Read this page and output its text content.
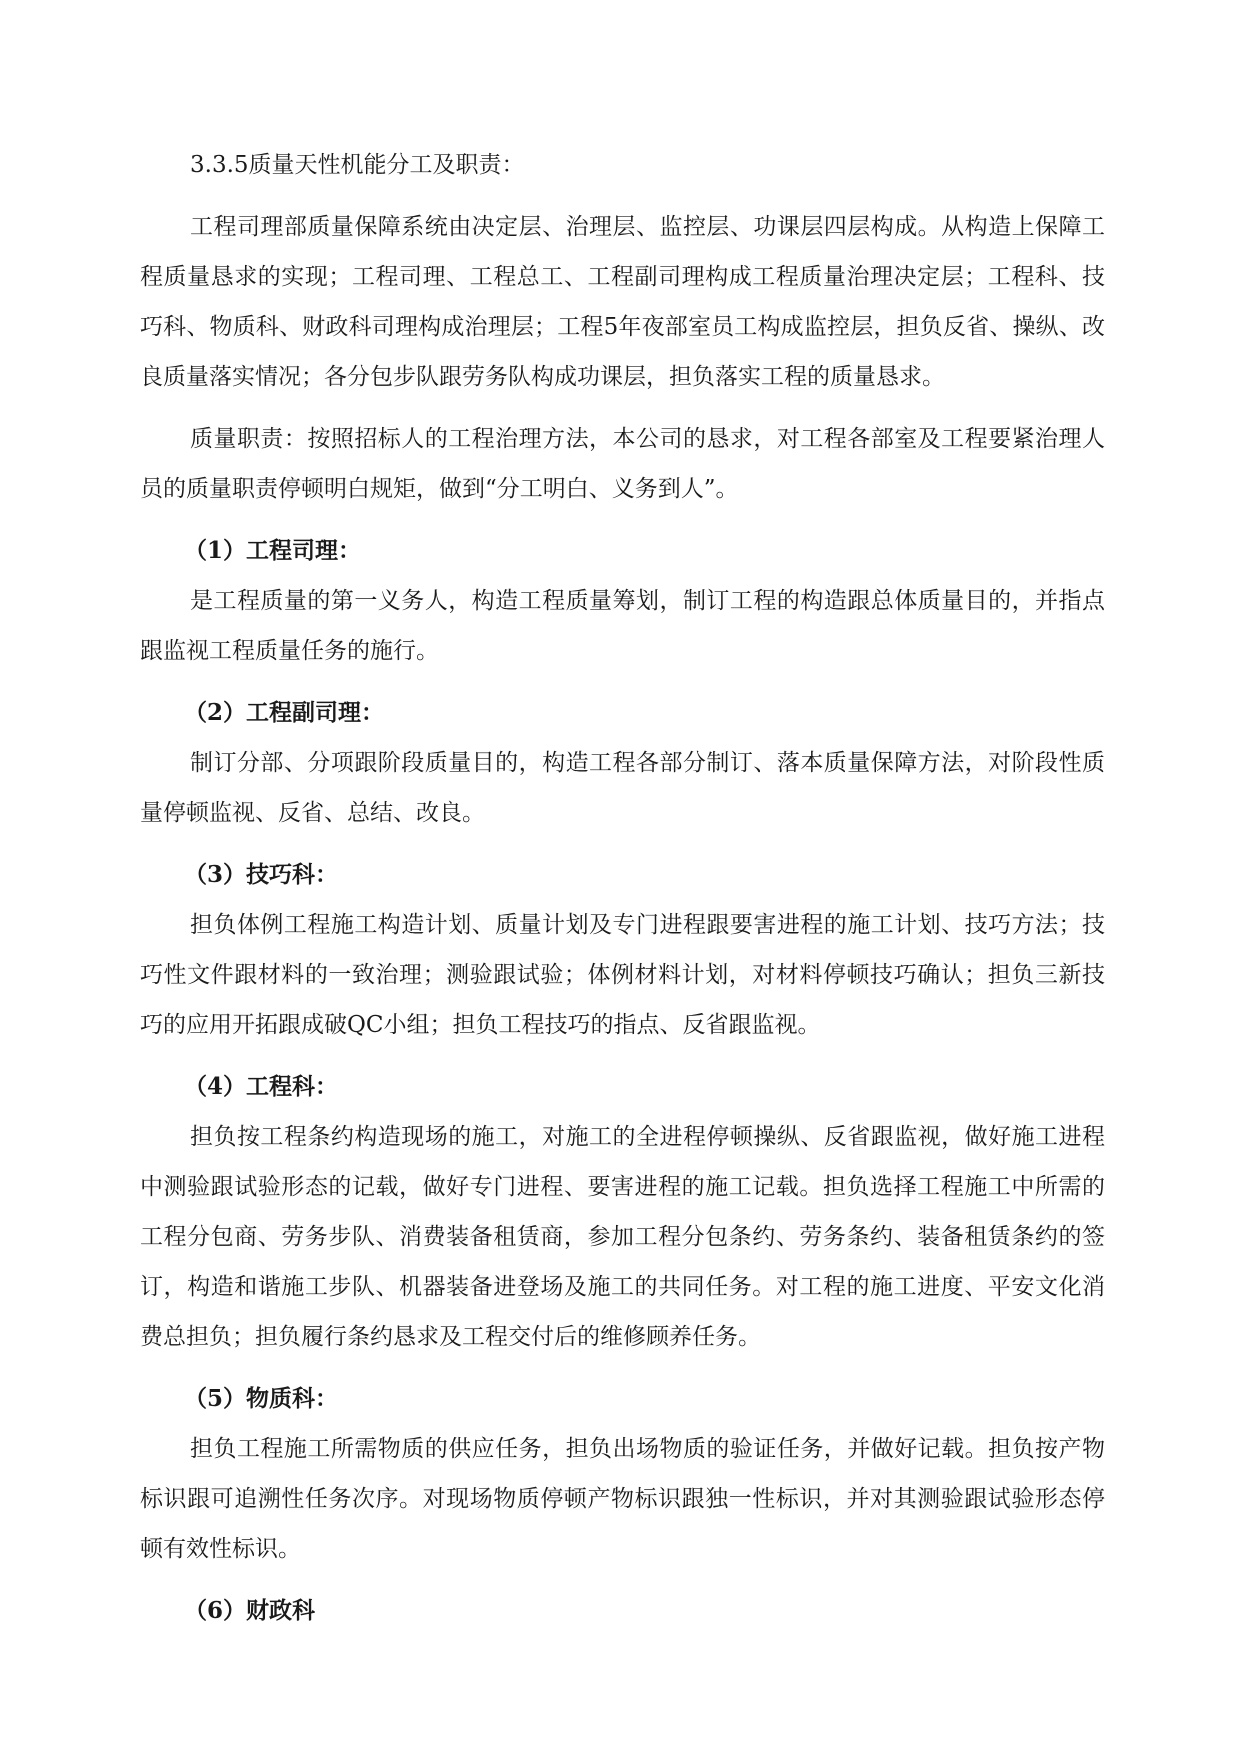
3.3.5质量天性机能分工及职责：

工程司理部质量保障系统由决定层、治理层、监控层、功课层四层构成。从构造上保障工程质量恳求的实现；工程司理、工程总工、工程副司理构成工程质量治理决定层；工程科、技巧科、物质科、财政科司理构成治理层；工程5年夜部室员工构成监控层，担负反省、操纵、改良质量落实情况；各分包步队跟劳务队构成功课层，担负落实工程的质量恳求。

质量职责：按照招标人的工程治理方法，本公司的恳求，对工程各部室及工程要紧治理人员的质量职责停顿明白规矩，做到“分工明白、义务到人”。

（1）工程司理：

是工程质量的第一义务人，构造工程质量筹划，制订工程的构造跟总体质量目的，并指点跟监视工程质量任务的施行。

（2）工程副司理：

制订分部、分项跟阶段质量目的，构造工程各部分制订、落本质量保障方法，对阶段性质量停顿监视、反省、总结、改良。

（3）技巧科：

担负体例工程施工构造计划、质量计划及专门进程跟要害进程的施工计划、技巧方法；技巧性文件跟材料的一致治理；测验跟试验；体例材料计划，对材料停顿技巧确认；担负三新技巧的应用开拓跟成破QC小组；担负工程技巧的指点、反省跟监视。

（4）工程科：

担负按工程条约构造现场的施工，对施工的全进程停顿操纵、反省跟监视，做好施工进程中测验跟试验形态的记载，做好专门进程、要害进程的施工记载。担负选择工程施工中所需的工程分包商、劳务步队、消费装备租赁商，参加工程分包条约、劳务条约、装备租赁条约的签订，构造和谐施工步队、机器装备进登场及施工的共同任务。对工程的施工进度、平安文化消费总担负；担负履行条约恳求及工程交付后的维修顾养任务。

（5）物质科：

担负工程施工所需物质的供应任务，担负出场物质的验证任务，并做好记载。担负按产物标识跟可追溯性任务次序。对现场物质停顿产物标识跟独一性标识，并对其测验跟试验形态停顿有效性标识。

（6）财政科
